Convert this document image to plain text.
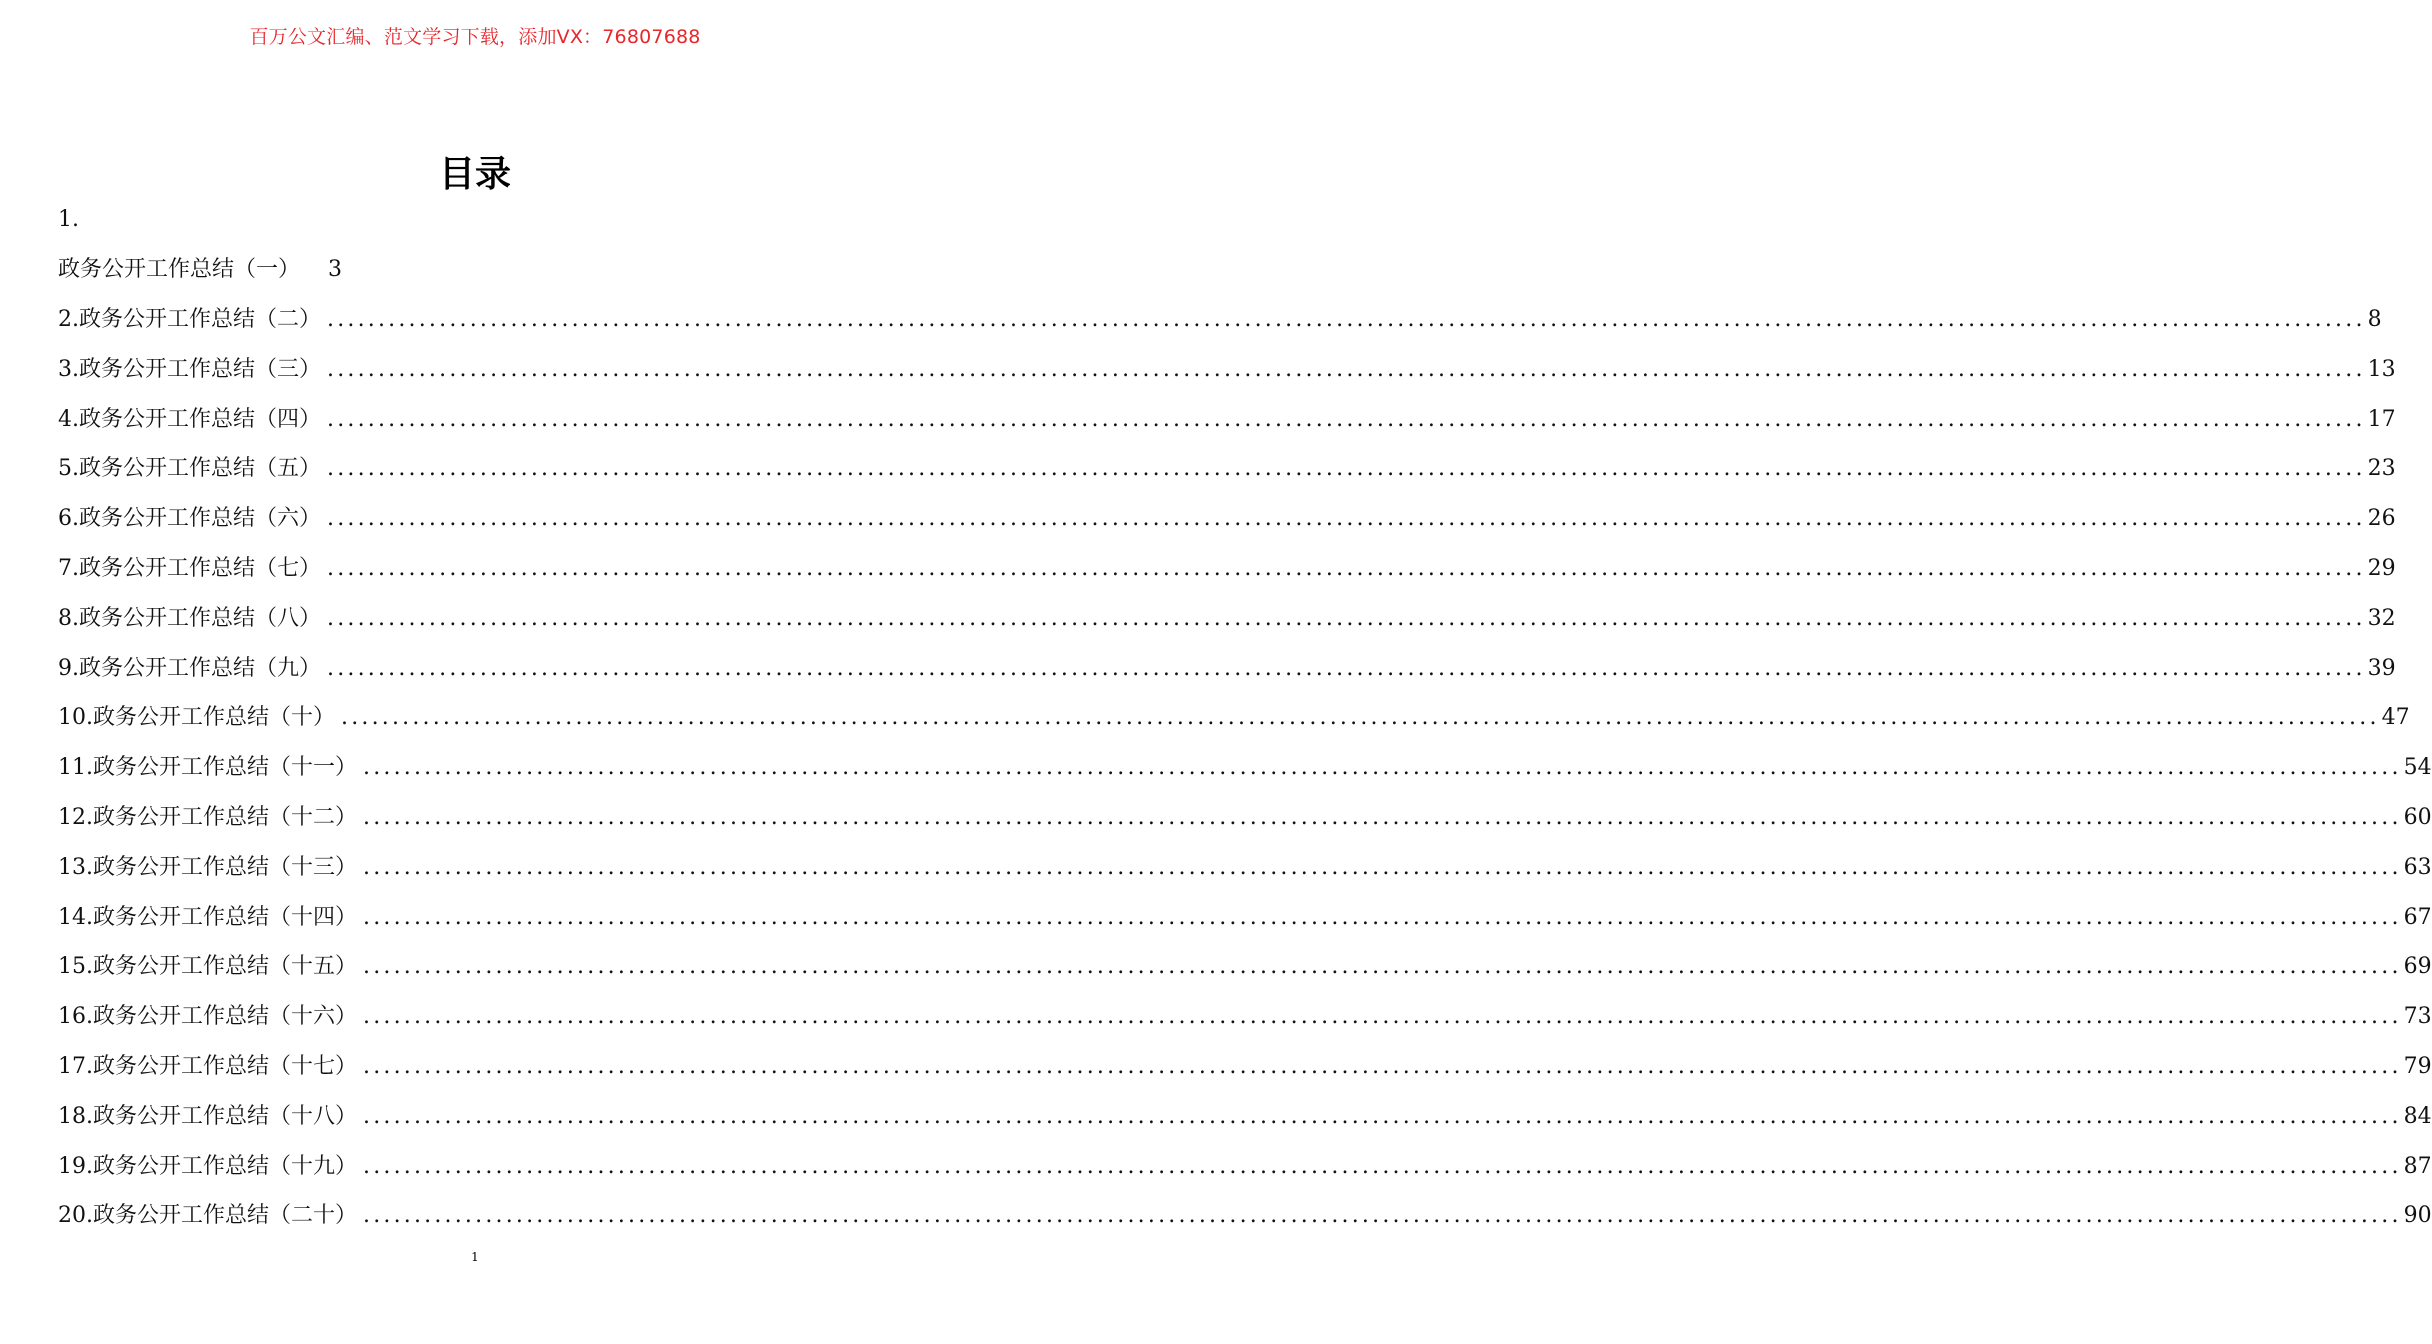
百万公文汇编、范文学习下载，添加VX：76807688
目录
1.
政务公开工作总结（一） 3
2.政务公开工作总结（二） ........................................................................................................................................................................................................ 8
3.政务公开工作总结（三） ........................................................................................................................................................................................................ 13
4.政务公开工作总结（四） ........................................................................................................................................................................................................ 17
5.政务公开工作总结（五） ........................................................................................................................................................................................................ 23
6.政务公开工作总结（六） ........................................................................................................................................................................................................ 26
7.政务公开工作总结（七） ........................................................................................................................................................................................................ 29
8.政务公开工作总结（八） ........................................................................................................................................................................................................ 32
9.政务公开工作总结（九） ........................................................................................................................................................................................................ 39
10.政务公开工作总结（十） ........................................................................................................................................................................................................ 47
11.政务公开工作总结（十一） ........................................................................................................................................................................................................ 54
12.政务公开工作总结（十二） ........................................................................................................................................................................................................ 60
13.政务公开工作总结（十三） ........................................................................................................................................................................................................ 63
14.政务公开工作总结（十四） ........................................................................................................................................................................................................ 67
15.政务公开工作总结（十五） ........................................................................................................................................................................................................ 69
16.政务公开工作总结（十六） ........................................................................................................................................................................................................ 73
17.政务公开工作总结（十七） ........................................................................................................................................................................................................ 79
18.政务公开工作总结（十八） ........................................................................................................................................................................................................ 84
19.政务公开工作总结（十九） ........................................................................................................................................................................................................ 87
20.政务公开工作总结（二十） ........................................................................................................................................................................................................ 90
1
